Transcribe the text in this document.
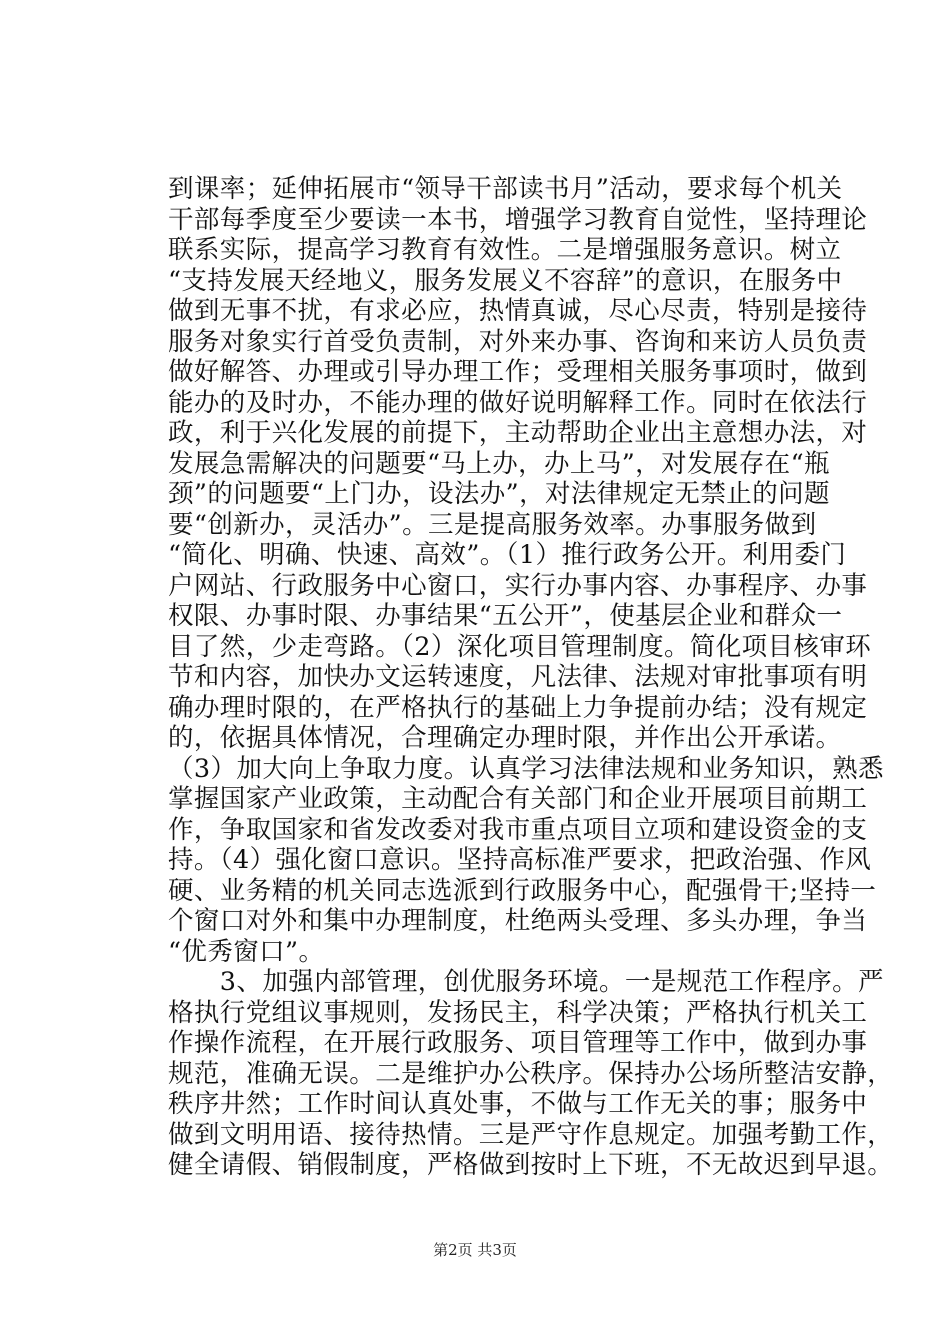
到课率；延伸拓展市“领导干部读书月”活动，要求每个机关
干部每季度至少要读一本书，增强学习教育自觉性，坚持理论
联系实际，提高学习教育有效性。二是增强服务意识。树立
“支持发展天经地义，服务发展义不容辞”的意识，在服务中
做到无事不扰，有求必应，热情真诚，尽心尽责，特别是接待
服务对象实行首受负责制，对外来办事、咨询和来访人员负责
做好解答、办理或引导办理工作；受理相关服务事项时，做到
能办的及时办，不能办理的做好说明解释工作。同时在依法行
政，利于兴化发展的前提下，主动帮助企业出主意想办法，对
发展急需解决的问题要“马上办，办上马”，对发展存在“瓶
颈”的问题要“上门办，设法办”，对法律规定无禁止的问题
要“创新办，灵活办”。三是提高服务效率。办事服务做到
“简化、明确、快速、高效”。（1）推行政务公开。利用委门
户网站、行政服务中心窗口，实行办事内容、办事程序、办事
权限、办事时限、办事结果“五公开”，使基层企业和群众一
目了然，少走弯路。（2）深化项目管理制度。简化项目核审环
节和内容，加快办文运转速度，凡法律、法规对审批事项有明
确办理时限的，在严格执行的基础上力争提前办结；没有规定
的，依据具体情况，合理确定办理时限，并作出公开承诺。
（3）加大向上争取力度。认真学习法律法规和业务知识，熟悉
掌握国家产业政策，主动配合有关部门和企业开展项目前期工
作，争取国家和省发改委对我市重点项目立项和建设资金的支
持。（4）强化窗口意识。坚持高标准严要求，把政治强、作风
硬、业务精的机关同志选派到行政服务中心，配强骨干;坚持一
个窗口对外和集中办理制度，杜绝两头受理、多头办理，争当
“优秀窗口”。
　　3、加强内部管理，创优服务环境。一是规范工作程序。严
格执行党组议事规则，发扬民主，科学决策；严格执行机关工
作操作流程，在开展行政服务、项目管理等工作中，做到办事
规范，准确无误。二是维护办公秩序。保持办公场所整洁安静，
秩序井然；工作时间认真处事，不做与工作无关的事；服务中
做到文明用语、接待热情。三是严守作息规定。加强考勤工作，
健全请假、销假制度，严格做到按时上下班，不无故迟到早退。
第2页 共3页
